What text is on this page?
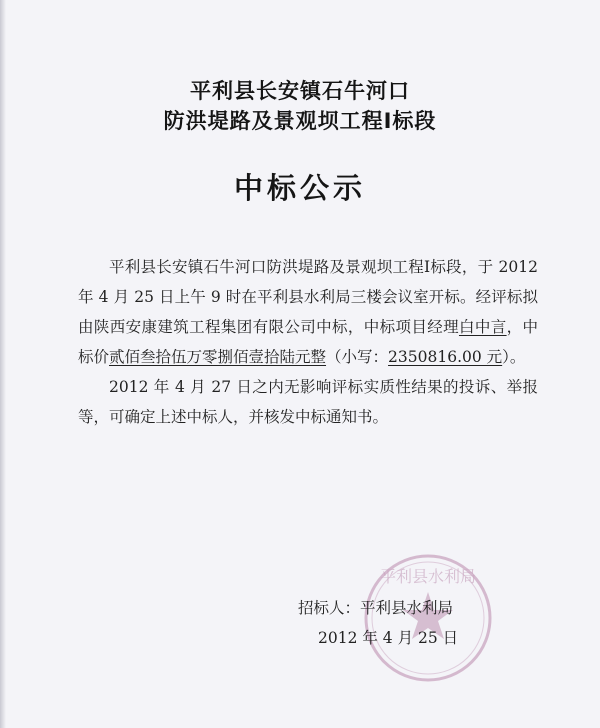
平利县长安镇石牛河口
防洪堤路及景观坝工程Ⅰ标段
中标公示

平利县长安镇石牛河口防洪堤路及景观坝工程Ⅰ标段，于 2012 年 4 月 25 日上午 9 时在平利县水利局三楼会议室开标。经评标拟由陕西安康建筑工程集团有限公司中标，中标项目经理白中言，中标价贰佰叁拾伍万零捌佰壹拾陆元整（小写：2350816.00 元）。

2012 年 4 月 27 日之内无影响评标实质性结果的投诉、举报等，可确定上述中标人，并核发中标通知书。

平利县水利局
招标人：平利县水利局
2012 年 4 月 25 日
